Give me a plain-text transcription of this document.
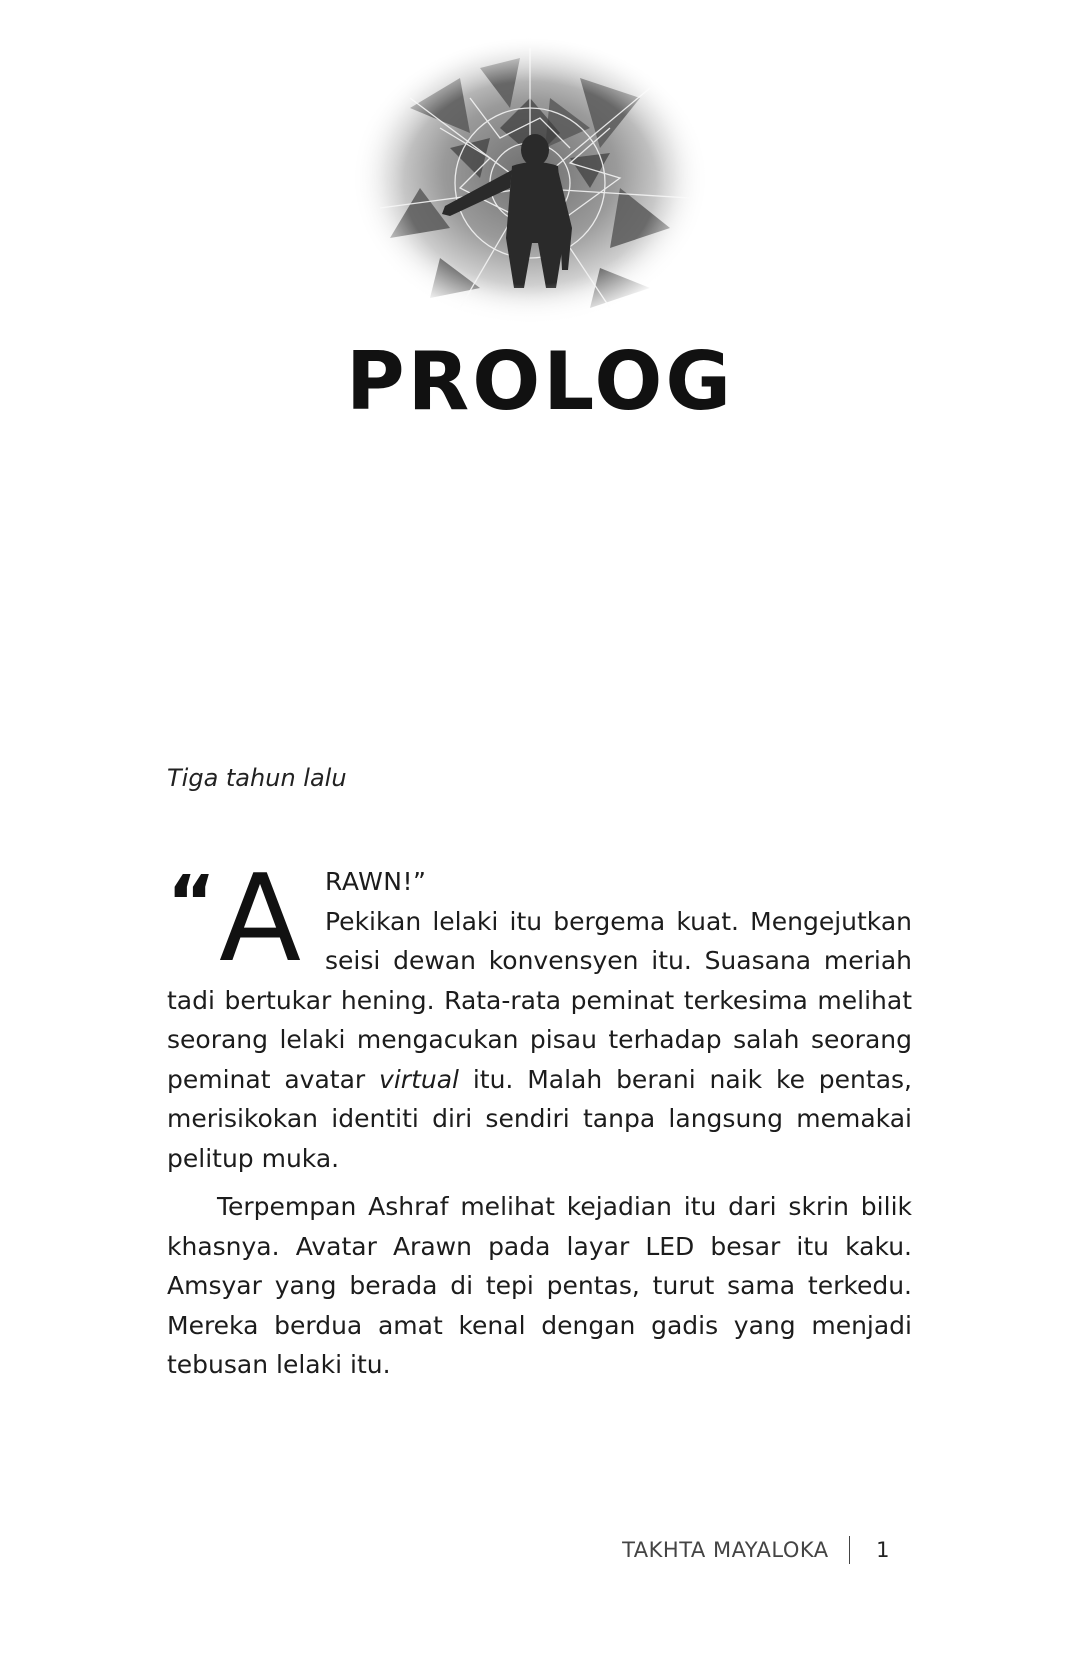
PROLOG
Tiga tahun lalu

“ A RAWN!”
Pekikan lelaki itu bergema kuat. Mengejutkan seisi dewan konvensyen itu. Suasana meriah tadi bertukar hening. Rata-rata peminat terkesima melihat seorang lelaki mengacukan pisau terhadap salah seorang peminat avatar virtual itu. Malah berani naik ke pentas, merisikokan identiti diri sendiri tanpa langsung memakai pelitup muka.

Terpempan Ashraf melihat kejadian itu dari skrin bilik khasnya. Avatar Arawn pada layar LED besar itu kaku. Amsyar yang berada di tepi pentas, turut sama terkedu. Mereka berdua amat kenal dengan gadis yang menjadi tebusan lelaki itu.

TAKHTA MAYALOKA 1
